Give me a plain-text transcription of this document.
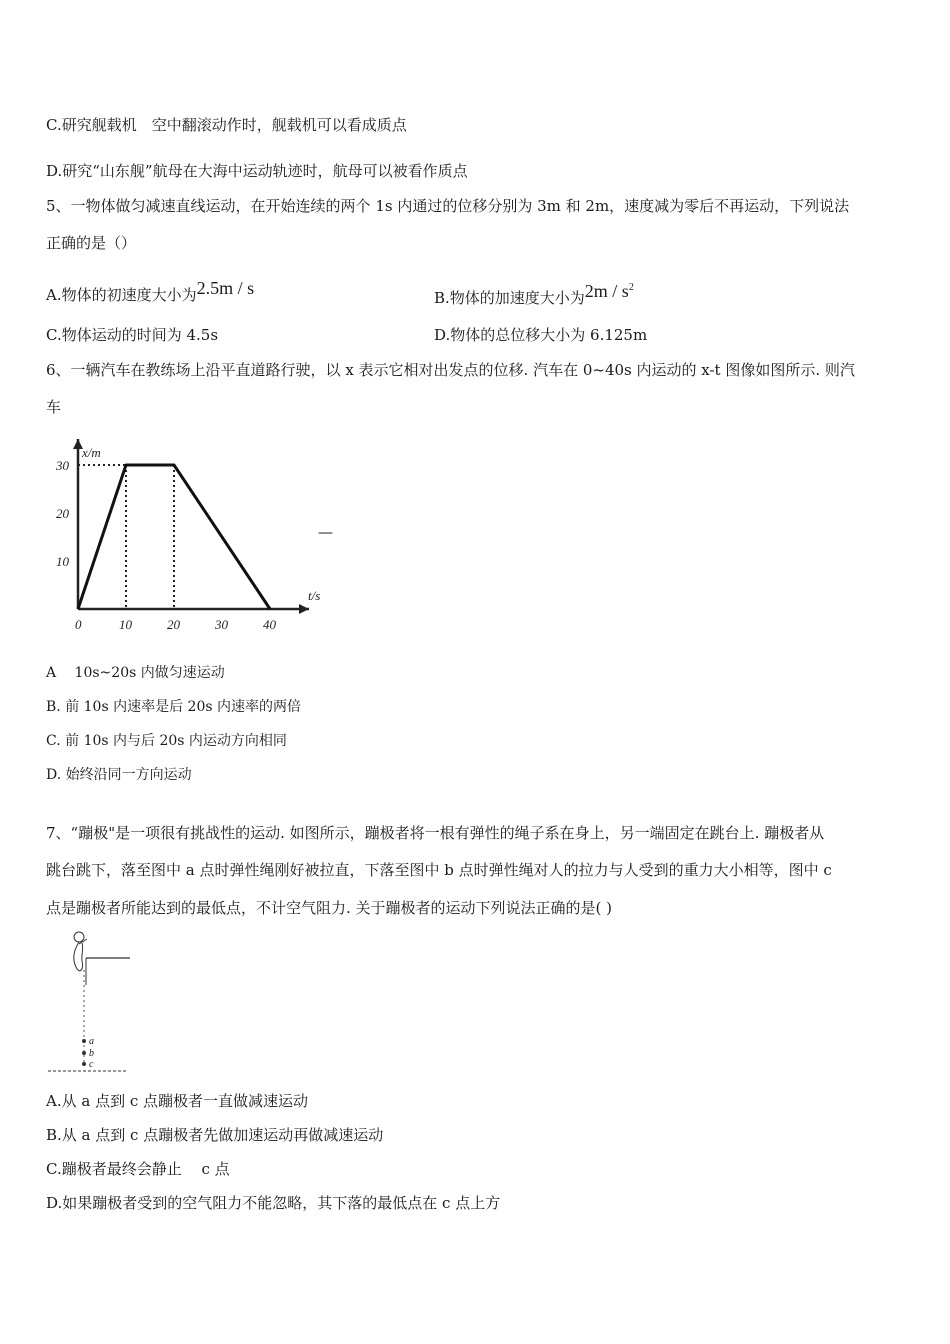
C.研究舰载机　空中翻滚动作时，舰载机可以看成质点
D.研究“山东舰”航母在大海中运动轨迹时，航母可以被看作质点
5、一物体做匀减速直线运动，在开始连续的两个 1s 内通过的位移分别为 3m 和 2m，速度减为零后不再运动，下列说法
正确的是（）
A.物体的初速度大小为2.5m / s	B.物体的加速度大小为$2m / s^2$
C.物体运动的时间为 4.5s	D.物体的总位移大小为 6.125m
6、一辆汽车在教练场上沿平直道路行驶，以 x 表示它相对出发点的位移. 汽车在 0~40s 内运动的 x-t 图像如图所示. 则汽
车
0	10	20	30	40
10
20
30
x/m
t/s
—
A　 10s~20s 内做匀速运动
B. 前 10s 内速率是后 20s 内速率的两倍
C. 前 10s 内与后 20s 内运动方向相同
D. 始终沿同一方向运动
7、“蹦极"是一项很有挑战性的运动. 如图所示，蹦极者将一根有弹性的绳子系在身上，另一端固定在跳台上. 蹦极者从
跳台跳下，落至图中 a 点时弹性绳刚好被拉直，下落至图中 b 点时弹性绳对人的拉力与人受到的重力大小相等，图中 c
点是蹦极者所能达到的最低点，不计空气阻力. 关于蹦极者的运动下列说法正确的是( )
a
b
c
A.从 a 点到 c 点蹦极者一直做减速运动
B.从 a 点到 c 点蹦极者先做加速运动再做减速运动
C.蹦极者最终会静止　 c 点
D.如果蹦极者受到的空气阻力不能忽略，其下落的最低点在 c 点上方
